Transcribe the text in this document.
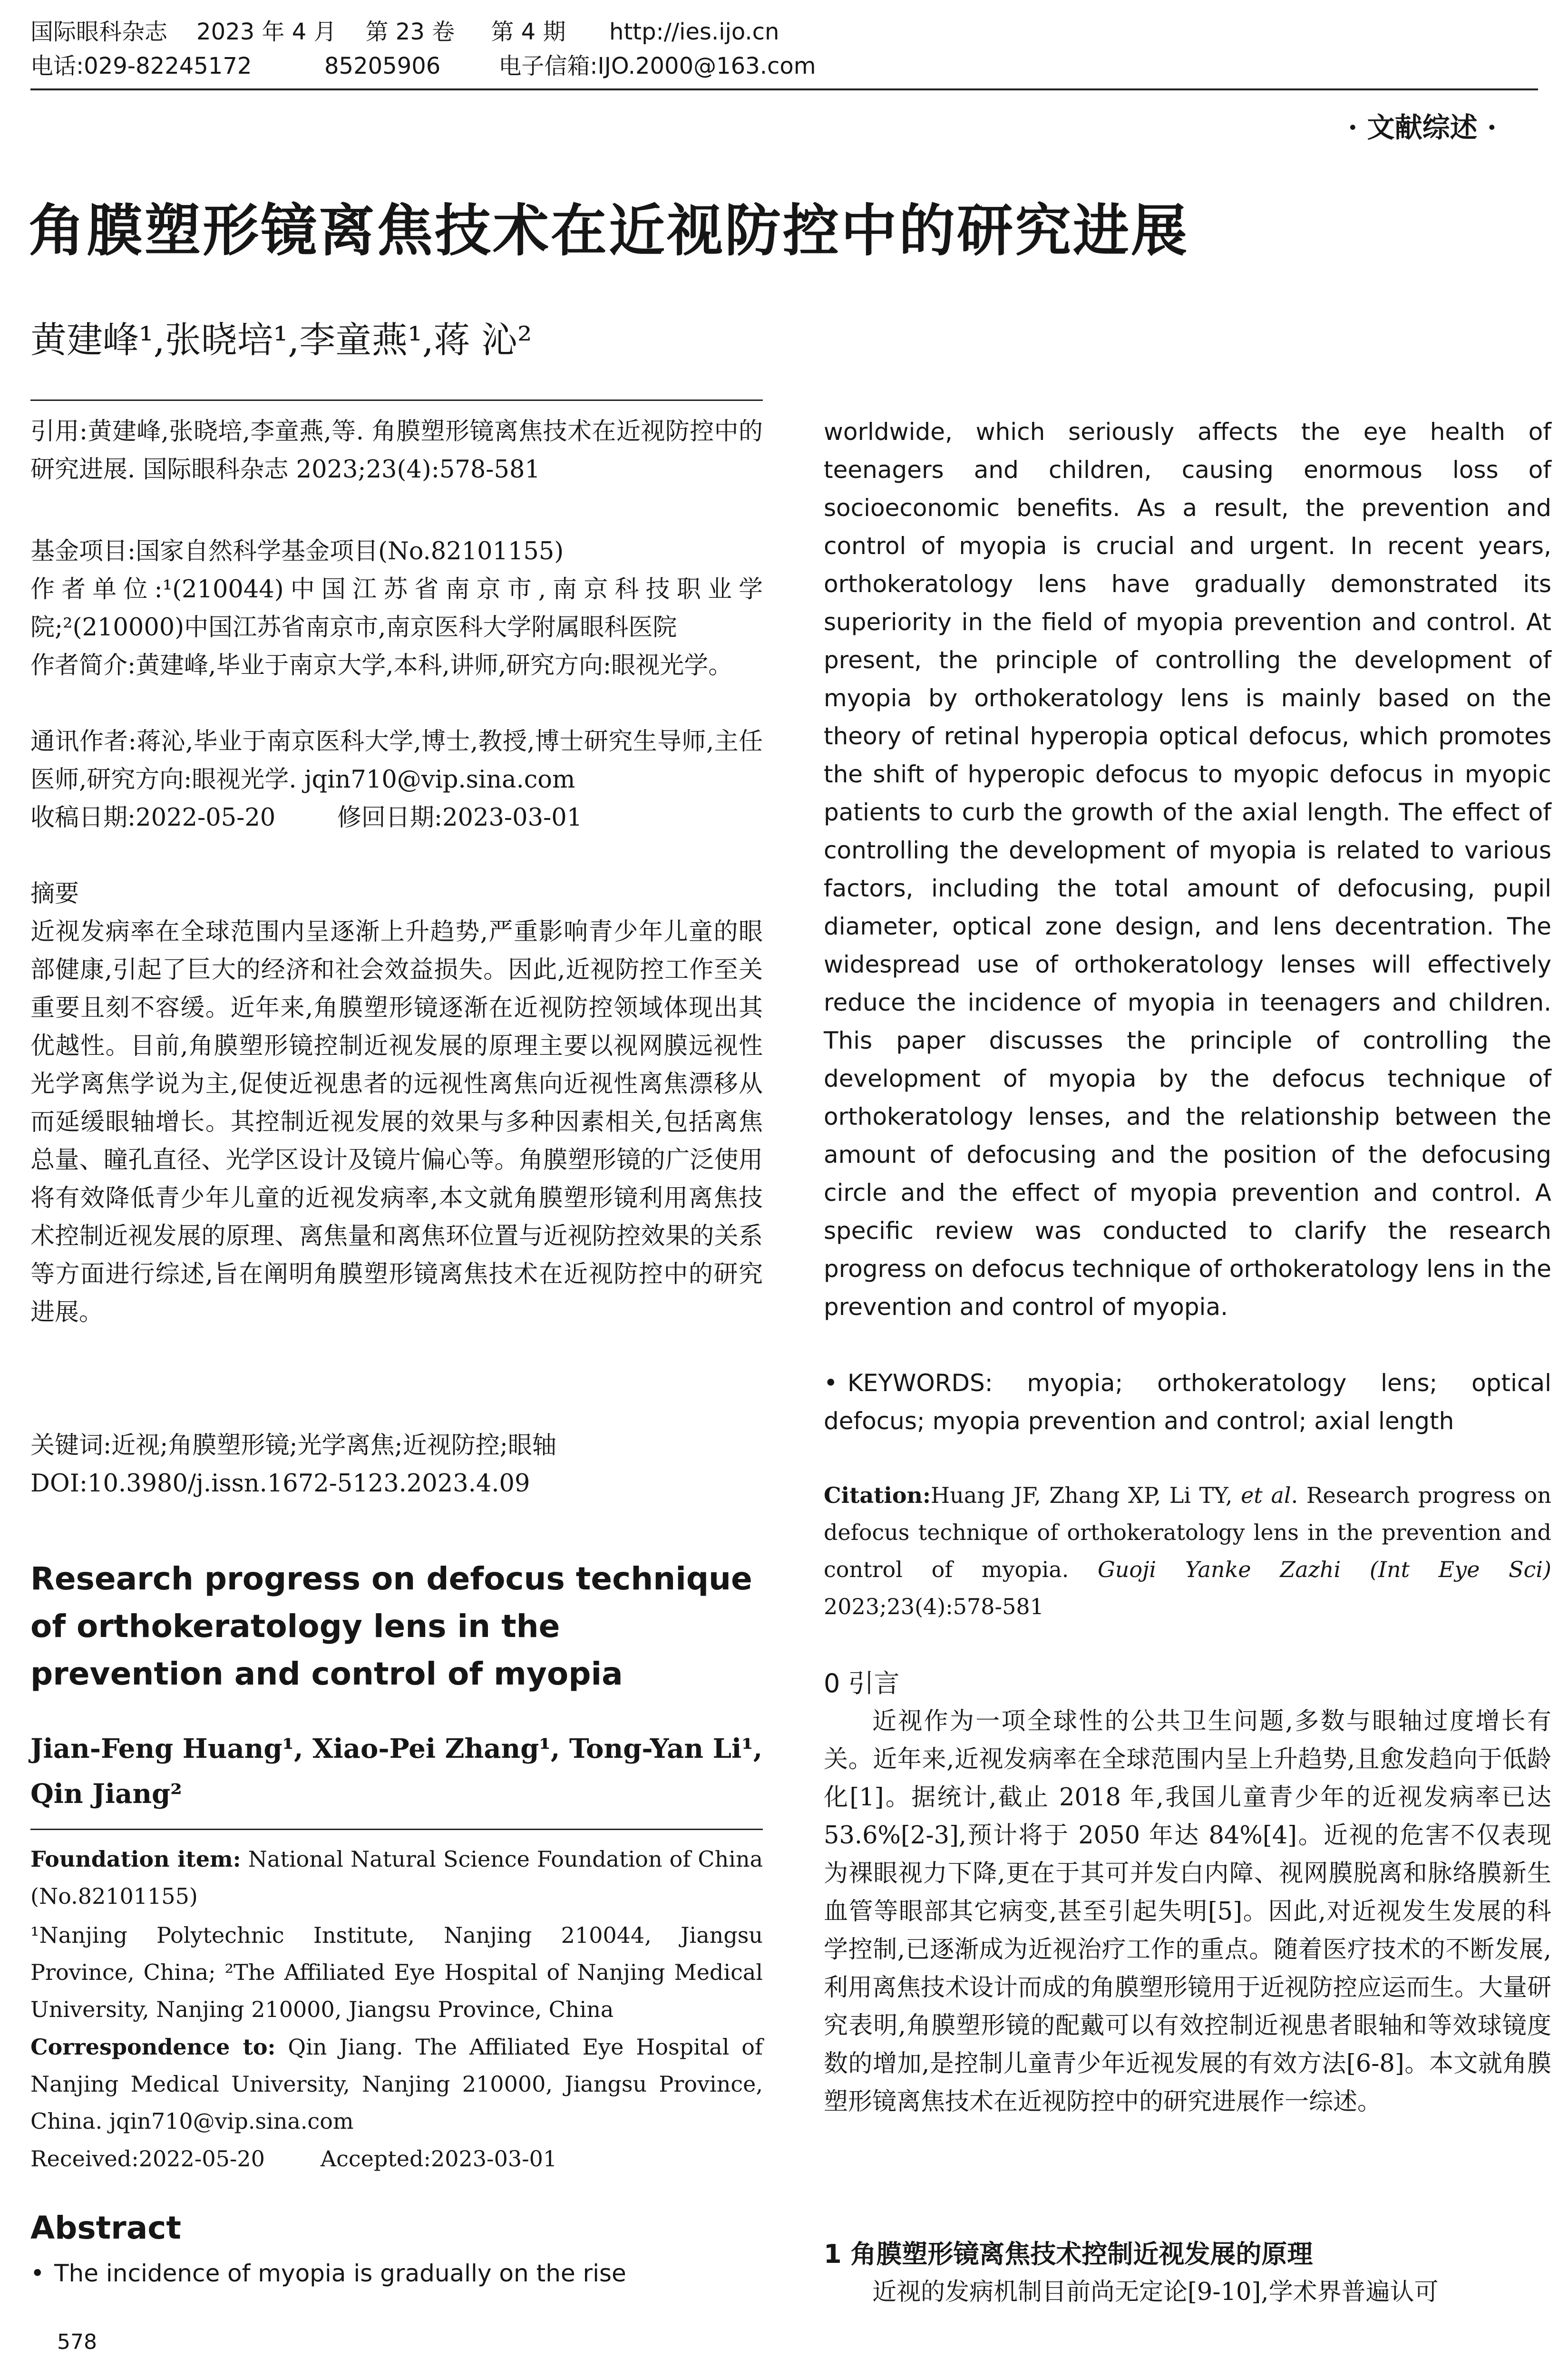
国际眼科杂志    2023 年 4 月    第 23 卷     第 4 期      http://ies.ijo.cn
电话:029-82245172          85205906        电子信箱:IJO.2000@163.com
· 文献综述 ·
角膜塑形镜离焦技术在近视防控中的研究进展
黄建峰¹,张晓培¹,李童燕¹,蒋 沁²
引用:黄建峰,张晓培,李童燕,等. 角膜塑形镜离焦技术在近视防控中的研究进展. 国际眼科杂志 2023;23(4):578-581
基金项目:国家自然科学基金项目(No.82101155)
作者单位:¹(210044)中国江苏省南京市,南京科技职业学院;²(210000)中国江苏省南京市,南京医科大学附属眼科医院
作者简介:黄建峰,毕业于南京大学,本科,讲师,研究方向:眼视光学。
通讯作者:蒋沁,毕业于南京医科大学,博士,教授,博士研究生导师,主任医师,研究方向:眼视光学. jqin710@vip.sina.com
收稿日期:2022-05-20        修回日期:2023-03-01
摘要
近视发病率在全球范围内呈逐渐上升趋势,严重影响青少年儿童的眼部健康,引起了巨大的经济和社会效益损失。因此,近视防控工作至关重要且刻不容缓。近年来,角膜塑形镜逐渐在近视防控领域体现出其优越性。目前,角膜塑形镜控制近视发展的原理主要以视网膜远视性光学离焦学说为主,促使近视患者的远视性离焦向近视性离焦漂移从而延缓眼轴增长。其控制近视发展的效果与多种因素相关,包括离焦总量、瞳孔直径、光学区设计及镜片偏心等。角膜塑形镜的广泛使用将有效降低青少年儿童的近视发病率,本文就角膜塑形镜利用离焦技术控制近视发展的原理、离焦量和离焦环位置与近视防控效果的关系等方面进行综述,旨在阐明角膜塑形镜离焦技术在近视防控中的研究进展。
关键词:近视;角膜塑形镜;光学离焦;近视防控;眼轴
DOI:10.3980/j.issn.1672-5123.2023.4.09
Research progress on defocus technique of orthokeratology lens in the prevention and control of myopia
Jian-Feng Huang¹, Xiao-Pei Zhang¹, Tong-Yan Li¹, Qin Jiang²
Foundation item: National Natural Science Foundation of China (No.82101155)
¹Nanjing Polytechnic Institute, Nanjing 210044, Jiangsu Province, China; ²The Affiliated Eye Hospital of Nanjing Medical University, Nanjing 210000, Jiangsu Province, China
Correspondence to: Qin Jiang. The Affiliated Eye Hospital of Nanjing Medical University, Nanjing 210000, Jiangsu Province, China. jqin710@vip.sina.com
Received:2022-05-20        Accepted:2023-03-01
Abstract
• The incidence of myopia is gradually on the rise
578
worldwide, which seriously affects the eye health of teenagers and children, causing enormous loss of socioeconomic benefits. As a result, the prevention and control of myopia is crucial and urgent. In recent years, orthokeratology lens have gradually demonstrated its superiority in the field of myopia prevention and control. At present, the principle of controlling the development of myopia by orthokeratology lens is mainly based on the theory of retinal hyperopia optical defocus, which promotes the shift of hyperopic defocus to myopic defocus in myopic patients to curb the growth of the axial length. The effect of controlling the development of myopia is related to various factors, including the total amount of defocusing, pupil diameter, optical zone design, and lens decentration. The widespread use of orthokeratology lenses will effectively reduce the incidence of myopia in teenagers and children. This paper discusses the principle of controlling the development of myopia by the defocus technique of orthokeratology lenses, and the relationship between the amount of defocusing and the position of the defocusing circle and the effect of myopia prevention and control. A specific review was conducted to clarify the research progress on defocus technique of orthokeratology lens in the prevention and control of myopia.
• KEYWORDS: myopia; orthokeratology lens; optical defocus; myopia prevention and control; axial length
Citation:Huang JF, Zhang XP, Li TY, et al. Research progress on defocus technique of orthokeratology lens in the prevention and control of myopia. Guoji Yanke Zazhi (Int Eye Sci) 2023;23(4):578-581
0 引言
近视作为一项全球性的公共卫生问题,多数与眼轴过度增长有关。近年来,近视发病率在全球范围内呈上升趋势,且愈发趋向于低龄化[1]。据统计,截止 2018 年,我国儿童青少年的近视发病率已达 53.6%[2-3],预计将于 2050 年达 84%[4]。近视的危害不仅表现为裸眼视力下降,更在于其可并发白内障、视网膜脱离和脉络膜新生血管等眼部其它病变,甚至引起失明[5]。因此,对近视发生发展的科学控制,已逐渐成为近视治疗工作的重点。随着医疗技术的不断发展,利用离焦技术设计而成的角膜塑形镜用于近视防控应运而生。大量研究表明,角膜塑形镜的配戴可以有效控制近视患者眼轴和等效球镜度数的增加,是控制儿童青少年近视发展的有效方法[6-8]。本文就角膜塑形镜离焦技术在近视防控中的研究进展作一综述。
1 角膜塑形镜离焦技术控制近视发展的原理
近视的发病机制目前尚无定论[9-10],学术界普遍认可
